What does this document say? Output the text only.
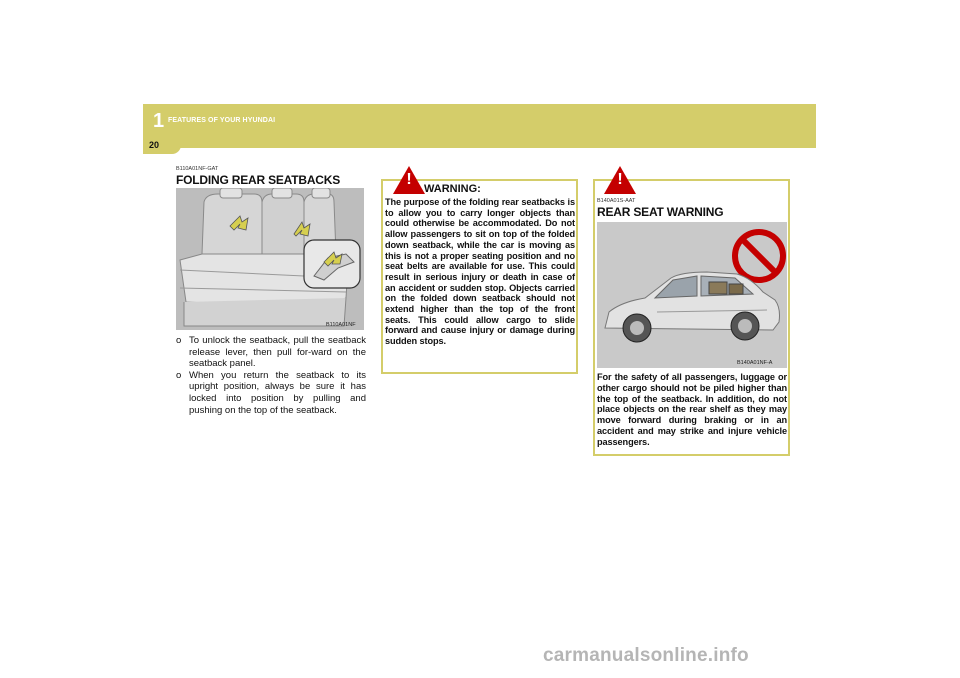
1 FEATURES OF YOUR HYUNDAI
20
B110A01NF-GAT
FOLDING REAR SEATBACKS
B110A01NF
o To unlock the seatback, pull the seatback release lever, then pull for-ward on the seatback panel.
o When you return the seatback to its upright position, always be sure it has locked into position by pulling and pushing on the top of the seatback.
!
WARNING:
The purpose of the folding rear seatbacks is to allow you to carry longer objects than could otherwise be accommodated. Do not allow passengers to sit on top of the folded down seatback, while the car is moving as this is not a proper seating position and no seat belts are available for use. This could result in serious injury or death in case of an accident or sudden stop. Objects carried on the folded down seatback should not extend higher than the top of the front seats. This could allow cargo to slide forward and cause injury or damage during sudden stops.
!
B140A01S-AAT
REAR SEAT WARNING
B140A01NF-A
For the safety of all passengers, luggage or other cargo should not be piled higher than the top of the seatback. In addition, do not place objects on the rear shelf as they may move forward during braking or in an accident and may strike and injure vehicle passengers.
carmanualsonline.info
